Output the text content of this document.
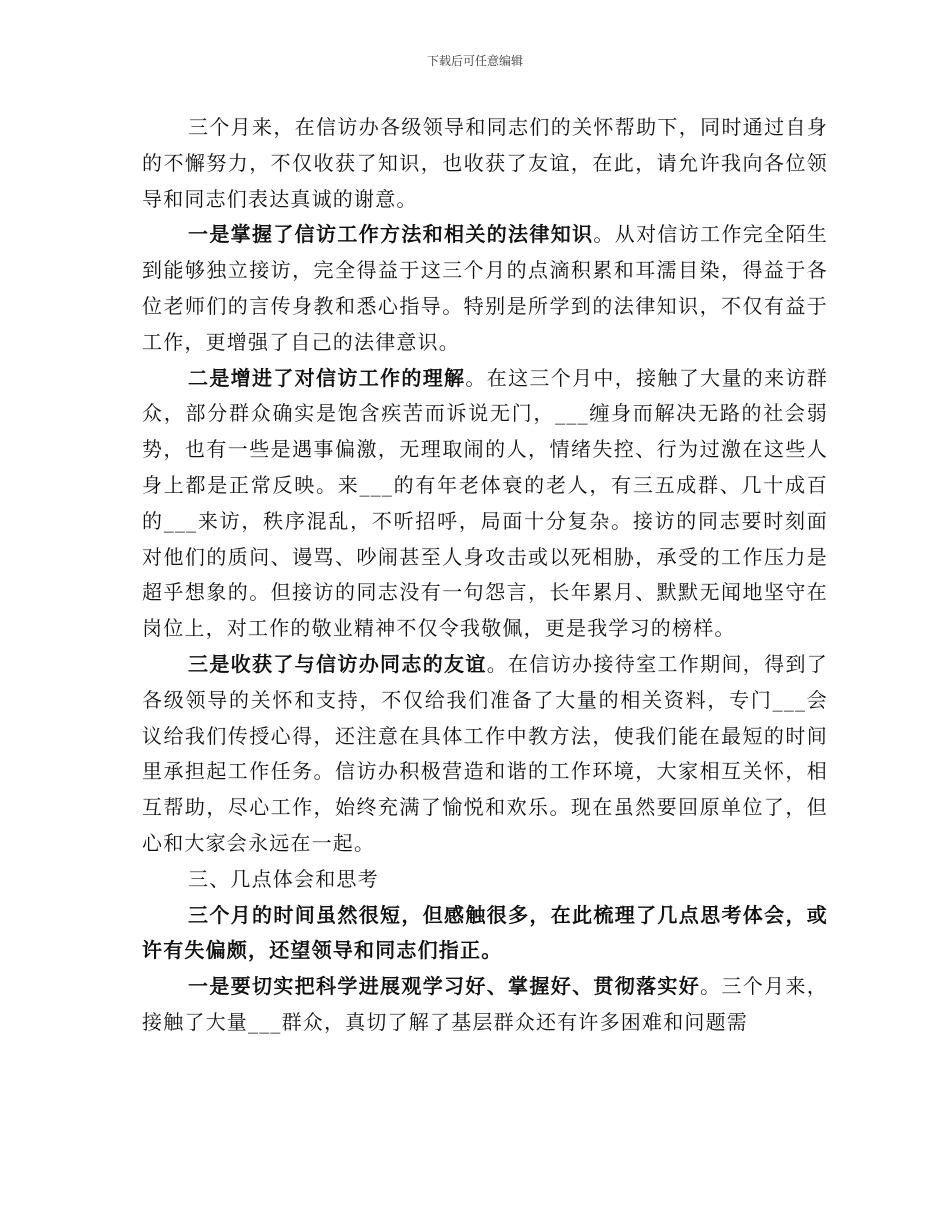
下载后可任意编辑

三个月来，在信访办各级领导和同志们的关怀帮助下，同时通过自身的不懈努力，不仅收获了知识，也收获了友谊，在此，请允许我向各位领导和同志们表达真诚的谢意。

一是掌握了信访工作方法和相关的法律知识。从对信访工作完全陌生到能够独立接访，完全得益于这三个月的点滴积累和耳濡目染，得益于各位老师们的言传身教和悉心指导。特别是所学到的法律知识，不仅有益于工作，更增强了自己的法律意识。

二是增进了对信访工作的理解。在这三个月中，接触了大量的来访群众，部分群众确实是饱含疾苦而诉说无门，___缠身而解决无路的社会弱势，也有一些是遇事偏激，无理取闹的人，情绪失控、行为过激在这些人身上都是正常反映。来___的有年老体衰的老人，有三五成群、几十成百的___来访，秩序混乱，不听招呼，局面十分复杂。接访的同志要时刻面对他们的质问、谩骂、吵闹甚至人身攻击或以死相胁，承受的工作压力是超乎想象的。但接访的同志没有一句怨言，长年累月、默默无闻地坚守在岗位上，对工作的敬业精神不仅令我敬佩，更是我学习的榜样。

三是收获了与信访办同志的友谊。在信访办接待室工作期间，得到了各级领导的关怀和支持，不仅给我们准备了大量的相关资料，专门___会议给我们传授心得，还注意在具体工作中教方法，使我们能在最短的时间里承担起工作任务。信访办积极营造和谐的工作环境，大家相互关怀，相互帮助，尽心工作，始终充满了愉悦和欢乐。现在虽然要回原单位了，但心和大家会永远在一起。

三、几点体会和思考

三个月的时间虽然很短，但感触很多，在此梳理了几点思考体会，或许有失偏颇，还望领导和同志们指正。

一是要切实把科学进展观学习好、掌握好、贯彻落实好。三个月来，接触了大量___群众，真切了解了基层群众还有许多困难和问题需
